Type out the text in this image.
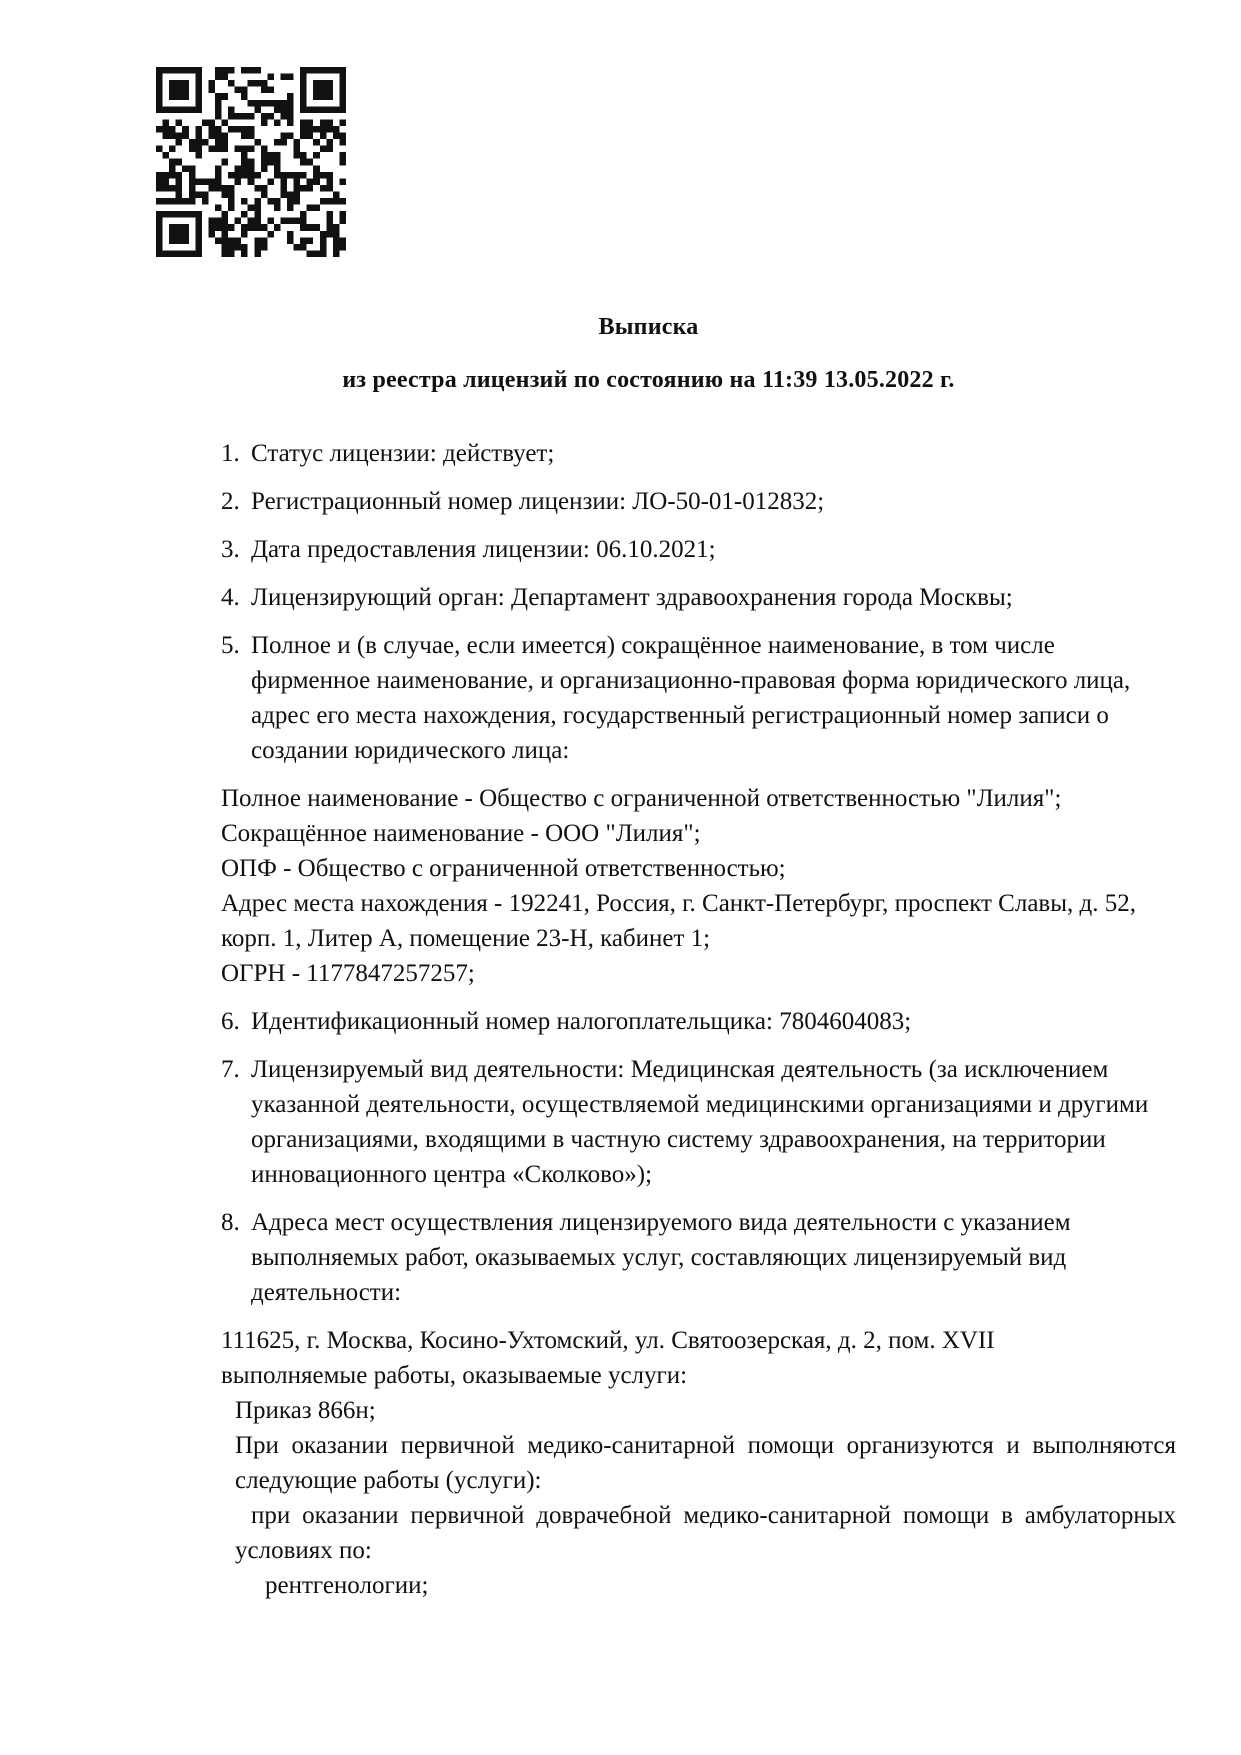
Выписка
из реестра лицензий по состоянию на 11:39 13.05.2022 г.
1. Статус лицензии: действует;
2. Регистрационный номер лицензии: ЛО-50-01-012832;
3. Дата предоставления лицензии: 06.10.2021;
4. Лицензирующий орган: Департамент здравоохранения города Москвы;
5. Полное и (в случае, если имеется) сокращённое наименование, в том числе фирменное наименование, и организационно-правовая форма юридического лица, адрес его места нахождения, государственный регистрационный номер записи о создании юридического лица:
Полное наименование - Общество с ограниченной ответственностью "Лилия";
Сокращённое наименование - ООО "Лилия";
ОПФ - Общество с ограниченной ответственностью;
Адрес места нахождения - 192241, Россия, г. Санкт-Петербург, проспект Славы, д. 52, корп. 1, Литер А, помещение 23-Н, кабинет 1;
ОГРН - 1177847257257;
6. Идентификационный номер налогоплательщика: 7804604083;
7. Лицензируемый вид деятельности: Медицинская деятельность (за исключением указанной деятельности, осуществляемой медицинскими организациями и другими организациями, входящими в частную систему здравоохранения, на территории инновационного центра «Сколково»);
8. Адреса мест осуществления лицензируемого вида деятельности с указанием выполняемых работ, оказываемых услуг, составляющих лицензируемый вид деятельности:
111625, г. Москва, Косино-Ухтомский, ул. Святоозерская, д. 2, пом. XVII
выполняемые работы, оказываемые услуги:
Приказ 866н;
При оказании первичной медико-санитарной помощи организуются и выполняются следующие работы (услуги):
при оказании первичной доврачебной медико-санитарной помощи в амбулаторных условиях по:
рентгенологии;
